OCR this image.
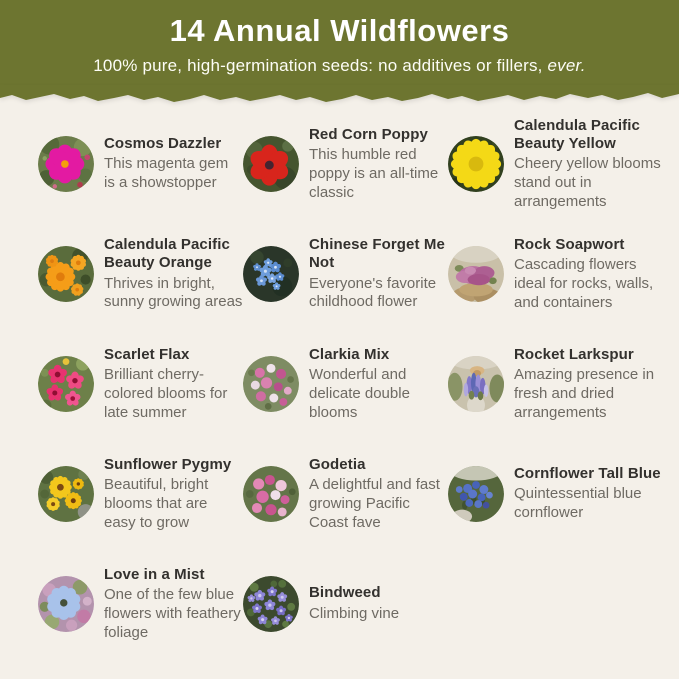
14 Annual Wildflowers
100% pure, high-germination seeds: no additives or fillers, ever.
Cosmos Dazzler
This magenta gem is a showstopper
Red Corn Poppy
This humble red poppy is an all-time classic
Calendula Pacific Beauty Yellow
Cheery yellow blooms stand out in arrangements
Calendula Pacific Beauty Orange
Thrives in bright, sunny growing areas
Chinese Forget Me Not
Everyone's favorite childhood flower
Rock Soapwort
Cascading flowers ideal for rocks, walls, and containers
Scarlet Flax
Brilliant cherry-colored blooms for late summer
Clarkia Mix
Wonderful and delicate double blooms
Rocket Larkspur
Amazing presence in fresh and dried arrangements
Sunflower Pygmy
Beautiful, bright blooms that are easy to grow
Godetia
A delightful and fast growing Pacific Coast fave
Cornflower Tall Blue
Quintessential blue cornflower
Love in a Mist
One of the few blue flowers with feathery foliage
Bindweed
Climbing vine
